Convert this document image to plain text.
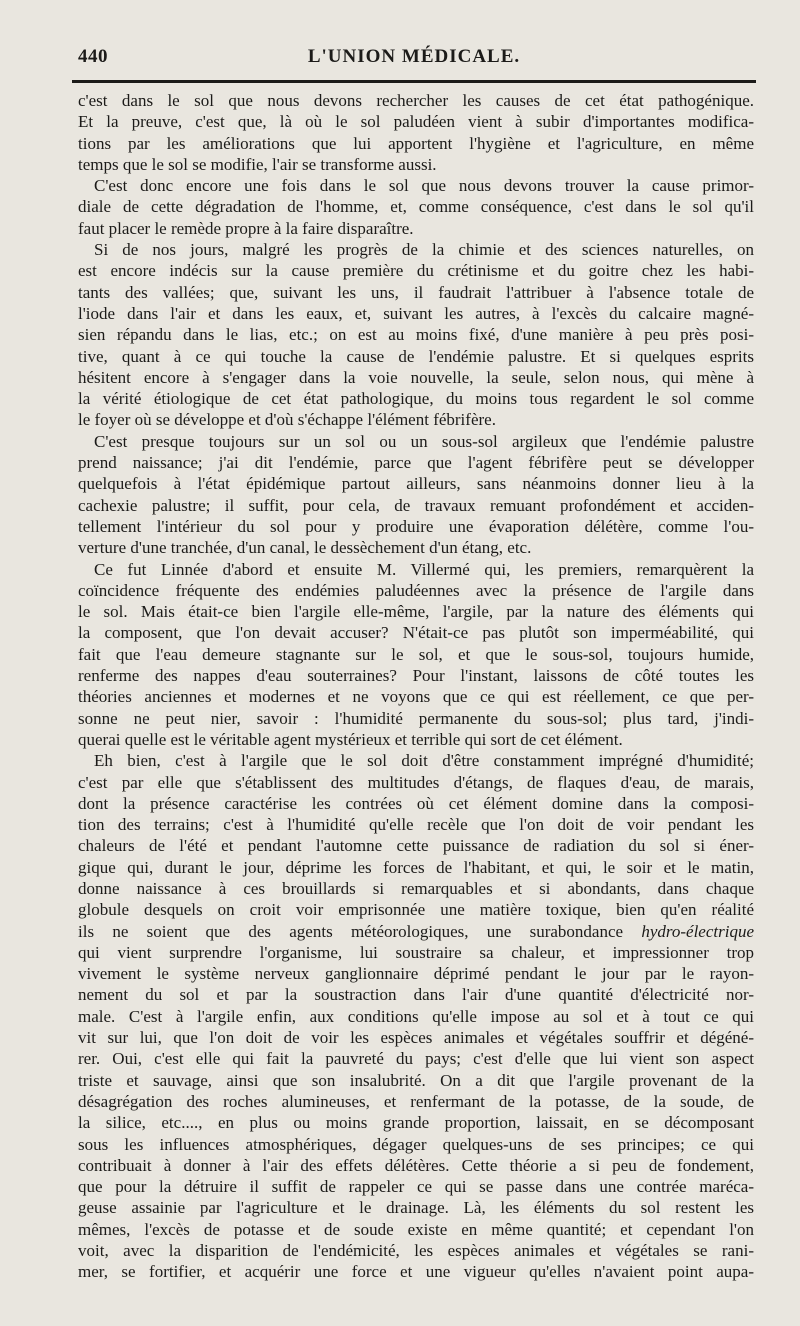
440	L'UNION MÉDICALE.
c'est dans le sol que nous devons rechercher les causes de cet état pathogénique.
Et la preuve, c'est que, là où le sol paludéen vient à subir d'importantes modifica-
tions par les améliorations que lui apportent l'hygiène et l'agriculture, en même
temps que le sol se modifie, l'air se transforme aussi.
C'est donc encore une fois dans le sol que nous devons trouver la cause primor-
diale de cette dégradation de l'homme, et, comme conséquence, c'est dans le sol qu'il
faut placer le remède propre à la faire disparaître.
Si de nos jours, malgré les progrès de la chimie et des sciences naturelles, on
est encore indécis sur la cause première du crétinisme et du goitre chez les habi-
tants des vallées; que, suivant les uns, il faudrait l'attribuer à l'absence totale de
l'iode dans l'air et dans les eaux, et, suivant les autres, à l'excès du calcaire magné-
sien répandu dans le lias, etc.; on est au moins fixé, d'une manière à peu près posi-
tive, quant à ce qui touche la cause de l'endémie palustre. Et si quelques esprits
hésitent encore à s'engager dans la voie nouvelle, la seule, selon nous, qui mène à
la vérité étiologique de cet état pathologique, du moins tous regardent le sol comme
le foyer où se développe et d'où s'échappe l'élément fébrifère.
C'est presque toujours sur un sol ou un sous-sol argileux que l'endémie palustre
prend naissance; j'ai dit l'endémie, parce que l'agent fébrifère peut se développer
quelquefois à l'état épidémique partout ailleurs, sans néanmoins donner lieu à la
cachexie palustre; il suffit, pour cela, de travaux remuant profondément et acciden-
tellement l'intérieur du sol pour y produire une évaporation délétère, comme l'ou-
verture d'une tranchée, d'un canal, le dessèchement d'un étang, etc.
Ce fut Linnée d'abord et ensuite M. Villermé qui, les premiers, remarquèrent la
coïncidence fréquente des endémies paludéennes avec la présence de l'argile dans
le sol. Mais était-ce bien l'argile elle-même, l'argile, par la nature des éléments qui
la composent, que l'on devait accuser? N'était-ce pas plutôt son imperméabilité, qui
fait que l'eau demeure stagnante sur le sol, et que le sous-sol, toujours humide,
renferme des nappes d'eau souterraines? Pour l'instant, laissons de côté toutes les
théories anciennes et modernes et ne voyons que ce qui est réellement, ce que per-
sonne ne peut nier, savoir : l'humidité permanente du sous-sol; plus tard, j'indi-
querai quelle est le véritable agent mystérieux et terrible qui sort de cet élément.
Eh bien, c'est à l'argile que le sol doit d'être constamment imprégné d'humidité;
c'est par elle que s'établissent des multitudes d'étangs, de flaques d'eau, de marais,
dont la présence caractérise les contrées où cet élément domine dans la composi-
tion des terrains; c'est à l'humidité qu'elle recèle que l'on doit de voir pendant les
chaleurs de l'été et pendant l'automne cette puissance de radiation du sol si éner-
gique qui, durant le jour, déprime les forces de l'habitant, et qui, le soir et le matin,
donne naissance à ces brouillards si remarquables et si abondants, dans chaque
globule desquels on croit voir emprisonnée une matière toxique, bien qu'en réalité
ils ne soient que des agents météorologiques, une surabondance hydro-électrique
qui vient surprendre l'organisme, lui soustraire sa chaleur, et impressionner trop
vivement le système nerveux ganglionnaire déprimé pendant le jour par le rayon-
nement du sol et par la soustraction dans l'air d'une quantité d'électricité nor-
male. C'est à l'argile enfin, aux conditions qu'elle impose au sol et à tout ce qui
vit sur lui, que l'on doit de voir les espèces animales et végétales souffrir et dégéné-
rer. Oui, c'est elle qui fait la pauvreté du pays; c'est d'elle que lui vient son aspect
triste et sauvage, ainsi que son insalubrité. On a dit que l'argile provenant de la
désagrégation des roches alumineuses, et renfermant de la potasse, de la soude, de
la silice, etc...., en plus ou moins grande proportion, laissait, en se décomposant
sous les influences atmosphériques, dégager quelques-uns de ses principes; ce qui
contribuait à donner à l'air des effets délétères. Cette théorie a si peu de fondement,
que pour la détruire il suffit de rappeler ce qui se passe dans une contrée maréca-
geuse assainie par l'agriculture et le drainage. Là, les éléments du sol restent les
mêmes, l'excès de potasse et de soude existe en même quantité; et cependant l'on
voit, avec la disparition de l'endémicité, les espèces animales et végétales se rani-
mer, se fortifier, et acquérir une force et une vigueur qu'elles n'avaient point aupa-
